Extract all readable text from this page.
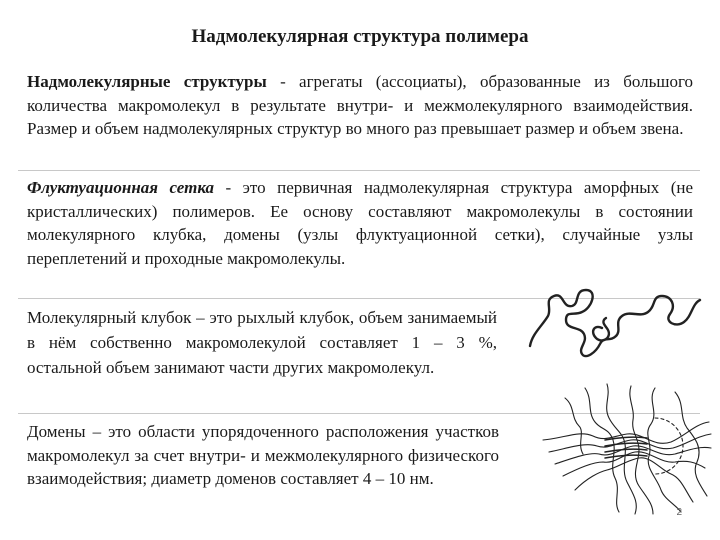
Надмолекулярная структура полимера

Надмолекулярные структуры - агрегаты (ассоциаты), образованные из большого количества макромолекул в результате внутри- и межмолекулярного взаимодействия. Размер и объем надмолекулярных структур во много раз превышает размер и объем звена.

Флуктуационная сетка - это первичная надмолекулярная структура аморфных (не кристаллических) полимеров. Ее основу составляют макромолекулы в состоянии молекулярного клубка, домены (узлы флуктуационной сетки), случайные узлы переплетений и проходные макромолекулы.

Молекулярный клубок – это рыхлый клубок, объем занимаемый в нём собственно макромолекулой составляет 1 – 3 %, остальной объем занимают части других макромолекул.

Домены – это области упорядоченного расположения участков макромолекул за счет внутри- и межмолекулярного физического взаимодействия; диаметр доменов составляет 4 – 10 нм.

2
